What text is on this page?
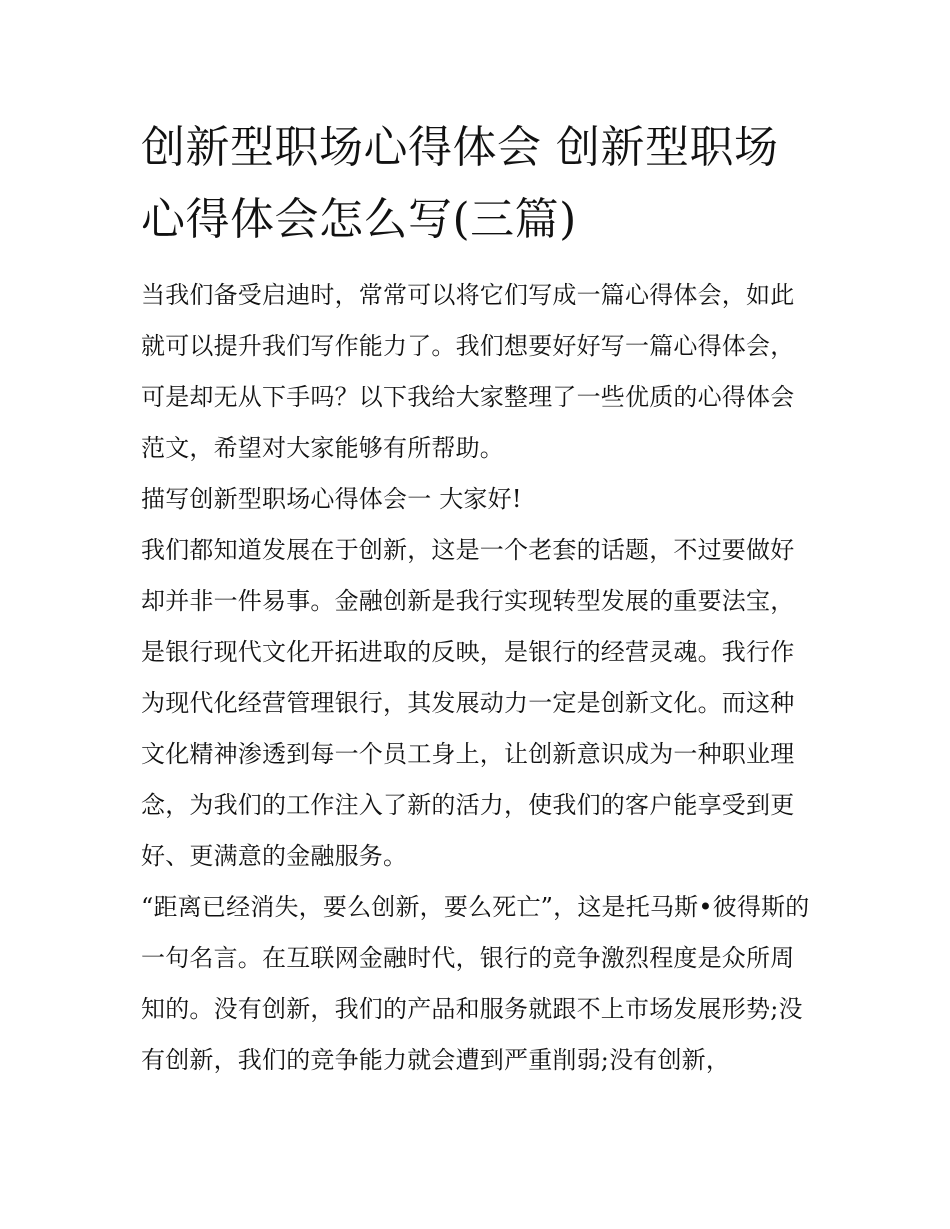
创新型职场心得体会 创新型职场心得体会怎么写(三篇)

当我们备受启迪时，常常可以将它们写成一篇心得体会，如此就可以提升我们写作能力了。我们想要好好写一篇心得体会，可是却无从下手吗？以下我给大家整理了一些优质的心得体会范文，希望对大家能够有所帮助。

描写创新型职场心得体会一 大家好!

我们都知道发展在于创新，这是一个老套的话题，不过要做好却并非一件易事。金融创新是我行实现转型发展的重要法宝，是银行现代文化开拓进取的反映，是银行的经营灵魂。我行作为现代化经营管理银行，其发展动力一定是创新文化。而这种文化精神渗透到每一个员工身上，让创新意识成为一种职业理念，为我们的工作注入了新的活力，使我们的客户能享受到更好、更满意的金融服务。

“距离已经消失，要么创新，要么死亡”，这是托马斯•彼得斯的一句名言。在互联网金融时代，银行的竞争激烈程度是众所周知的。没有创新，我们的产品和服务就跟不上市场发展形势;没有创新，我们的竞争能力就会遭到严重削弱;没有创新，
